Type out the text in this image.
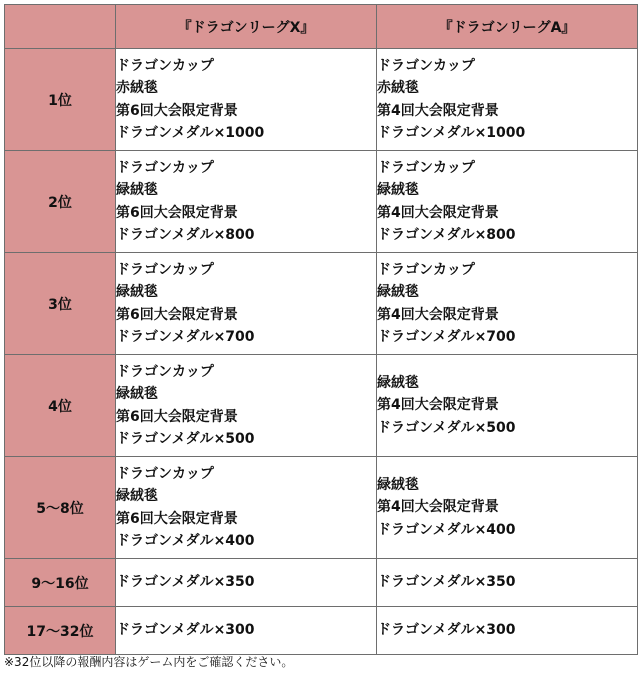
	『ドラゴンリーグX』	『ドラゴンリーグA』
1位	ドラゴンカップ
赤絨毯
第6回大会限定背景
ドラゴンメダル×1000	ドラゴンカップ
赤絨毯
第4回大会限定背景
ドラゴンメダル×1000

2位	ドラゴンカップ
緑絨毯
第6回大会限定背景
ドラゴンメダル×800	ドラゴンカップ
緑絨毯
第4回大会限定背景
ドラゴンメダル×800

3位	ドラゴンカップ
緑絨毯
第6回大会限定背景
ドラゴンメダル×700	ドラゴンカップ
緑絨毯
第4回大会限定背景
ドラゴンメダル×700

4位	ドラゴンカップ
緑絨毯
第6回大会限定背景
ドラゴンメダル×500	緑絨毯
第4回大会限定背景
ドラゴンメダル×500

5～8位	ドラゴンカップ
緑絨毯
第6回大会限定背景
ドラゴンメダル×400	緑絨毯
第4回大会限定背景
ドラゴンメダル×400

9～16位	ドラゴンメダル×350	ドラゴンメダル×350

17～32位	ドラゴンメダル×300	ドラゴンメダル×300
※32位以降の報酬内容はゲーム内をご確認ください。
